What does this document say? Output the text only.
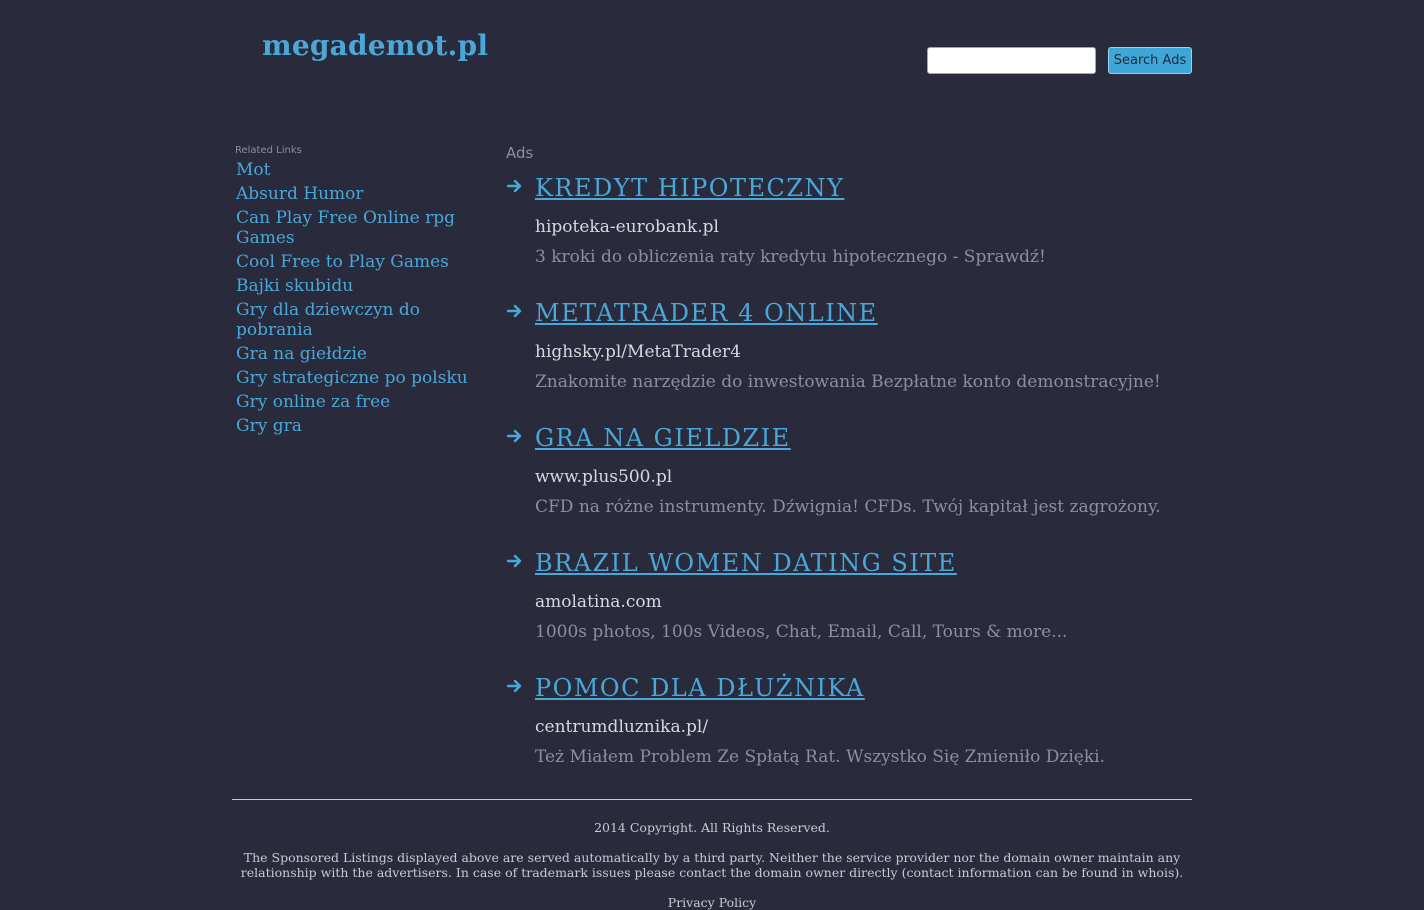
megademot.pl	Search Ads
Related Links
Mot
Absurd Humor
Can Play Free Online rpg Games
Cool Free to Play Games
Bajki skubidu
Gry dla dziewczyn do pobrania
Gra na giełdzie
Gry strategiczne po polsku
Gry online za free
Gry gra
Ads
KREDYT HIPOTECZNY
hipoteka-eurobank.pl
3 kroki do obliczenia raty kredytu hipotecznego - Sprawdź!
METATRADER 4 ONLINE
highsky.pl/MetaTrader4
Znakomite narzędzie do inwestowania Bezpłatne konto demonstracyjne!
GRA NA GIELDZIE
www.plus500.pl
CFD na różne instrumenty. Dźwignia! CFDs. Twój kapitał jest zagrożony.
BRAZIL WOMEN DATING SITE
amolatina.com
1000s photos, 100s Videos, Chat, Email, Call, Tours & more...
POMOC DLA DŁUŻNIKA
centrumdluznika.pl/
Też Miałem Problem Ze Spłatą Rat. Wszystko Się Zmieniło Dzięki.
2014 Copyright. All Rights Reserved.
The Sponsored Listings displayed above are served automatically by a third party. Neither the service provider nor the domain owner maintain any relationship with the advertisers. In case of trademark issues please contact the domain owner directly (contact information can be found in whois).
Privacy Policy
